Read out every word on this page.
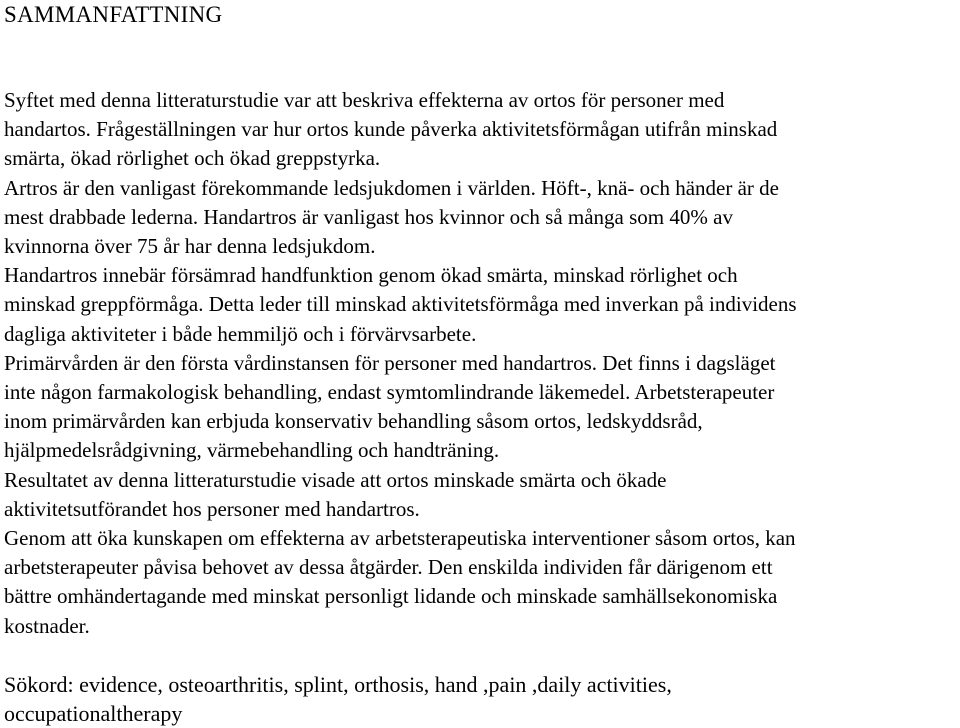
SAMMANFATTNING
Syftet med denna litteraturstudie var att beskriva effekterna av ortos för personer med
handartos. Frågeställningen var hur ortos kunde påverka aktivitetsförmågan utifrån minskad
smärta, ökad rörlighet och ökad greppstyrka.
Artros är den vanligast förekommande ledsjukdomen i världen. Höft-, knä- och händer är de
mest drabbade lederna. Handartros är vanligast hos kvinnor och så många som 40% av
kvinnorna över 75 år har denna ledsjukdom.
Handartros innebär försämrad handfunktion genom ökad smärta, minskad rörlighet och
minskad greppförmåga. Detta leder till minskad aktivitetsförmåga med inverkan på individens
dagliga aktiviteter i både hemmiljö och i förvärvsarbete.
Primärvården är den första vårdinstansen för personer med handartros. Det finns i dagsläget
inte någon farmakologisk behandling, endast symtomlindrande läkemedel. Arbetsterapeuter
inom primärvården kan erbjuda konservativ behandling såsom ortos, ledskyddsråd,
hjälpmedelsrådgivning, värmebehandling och handträning.
Resultatet av denna litteraturstudie visade att ortos minskade smärta och ökade
aktivitetsutförandet hos personer med handartros.
Genom att öka kunskapen om effekterna av arbetsterapeutiska interventioner såsom ortos, kan
arbetsterapeuter påvisa behovet av dessa åtgärder. Den enskilda individen får därigenom ett
bättre omhändertagande med minskat personligt lidande och minskade samhällsekonomiska
kostnader.
Sökord: evidence, osteoarthritis, splint, orthosis, hand ,pain ,daily activities,
occupationaltherapy
